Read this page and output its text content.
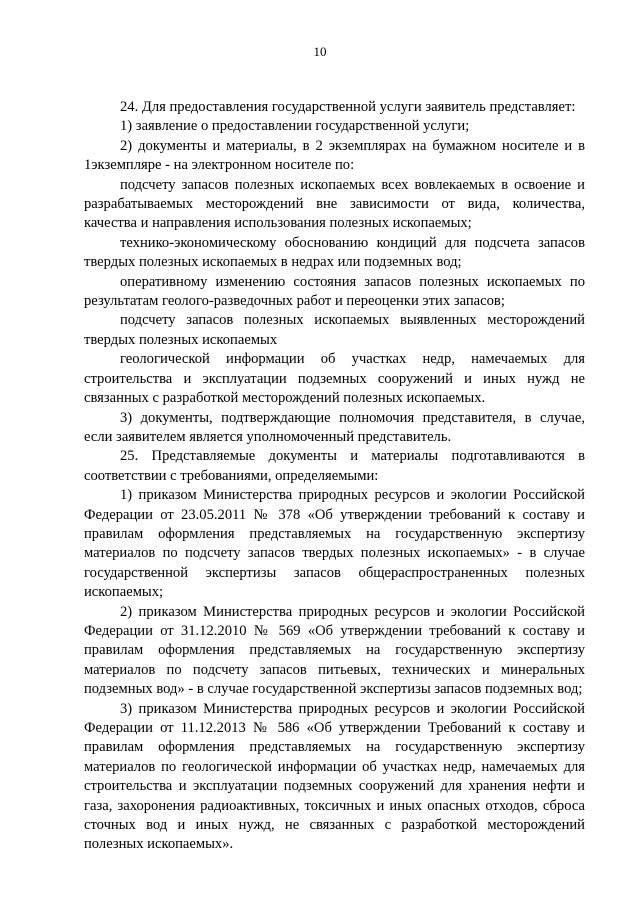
10

24. Для предоставления государственной услуги заявитель представляет:

1) заявление о предоставлении государственной услуги;

2) документы и материалы, в 2 экземплярах на бумажном носителе и в 1экземпляре - на электронном носителе по:

подсчету запасов полезных ископаемых всех вовлекаемых в освоение и разрабатываемых месторождений вне зависимости от вида, количества, качества и направления использования полезных ископаемых;

технико-экономическому обоснованию кондиций для подсчета запасов твердых полезных ископаемых в недрах или подземных вод;

оперативному изменению состояния запасов полезных ископаемых по результатам геолого-разведочных работ и переоценки этих запасов;

подсчету запасов полезных ископаемых выявленных месторождений твердых полезных ископаемых

геологической информации об участках недр, намечаемых для строительства и эксплуатации подземных сооружений и иных нужд не связанных с разработкой месторождений полезных ископаемых.

3) документы, подтверждающие полномочия представителя, в случае, если заявителем является уполномоченный представитель.

25. Представляемые документы и материалы подготавливаются в соответствии с требованиями, определяемыми:

1) приказом Министерства природных ресурсов и экологии Российской Федерации от 23.05.2011 № 378 «Об утверждении требований к составу и правилам оформления представляемых на государственную экспертизу материалов по подсчету запасов твердых полезных ископаемых» - в случае государственной экспертизы запасов общераспространенных полезных ископаемых;

2) приказом Министерства природных ресурсов и экологии Российской Федерации от 31.12.2010 № 569 «Об утверждении требований к составу и правилам оформления представляемых на государственную экспертизу материалов по подсчету запасов питьевых, технических и минеральных подземных вод» - в случае государственной экспертизы запасов подземных вод;

3) приказом Министерства природных ресурсов и экологии Российской Федерации от 11.12.2013 № 586 «Об утверждении Требований к составу и правилам оформления представляемых на государственную экспертизу материалов по геологической информации об участках недр, намечаемых для строительства и эксплуатации подземных сооружений для хранения нефти и газа, захоронения радиоактивных, токсичных и иных опасных отходов, сброса сточных вод и иных нужд, не связанных с разработкой месторождений полезных ископаемых».
